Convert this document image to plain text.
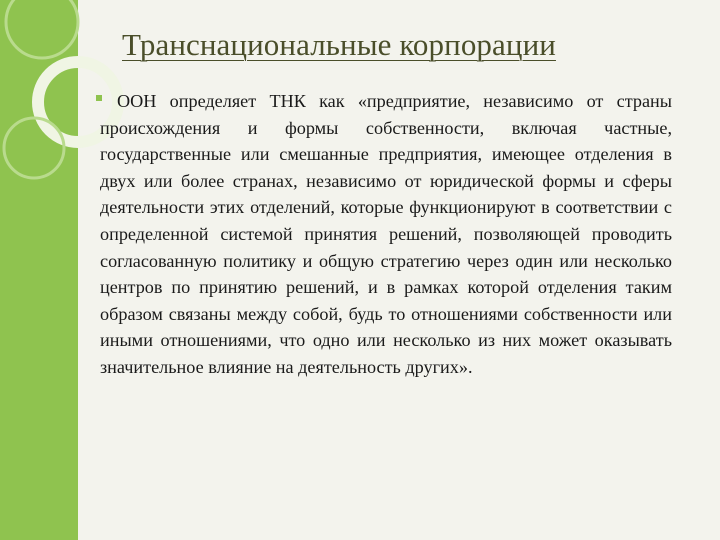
Транснациональные корпорации

ООН определяет ТНК как «предприятие, независимо от страны происхождения и формы собственности, включая частные, государственные или смешанные предприятия, имеющее отделения в двух или более странах, независимо от юридической формы и сферы деятельности этих отделений, которые функционируют в соответствии с определенной системой принятия решений, позволяющей проводить согласованную политику и общую стратегию через один или несколько центров по принятию решений, и в рамках которой отделения таким образом связаны между собой, будь то отношениями собственности или иными отношениями, что одно или несколько из них может оказывать значительное влияние на деятельность других».
